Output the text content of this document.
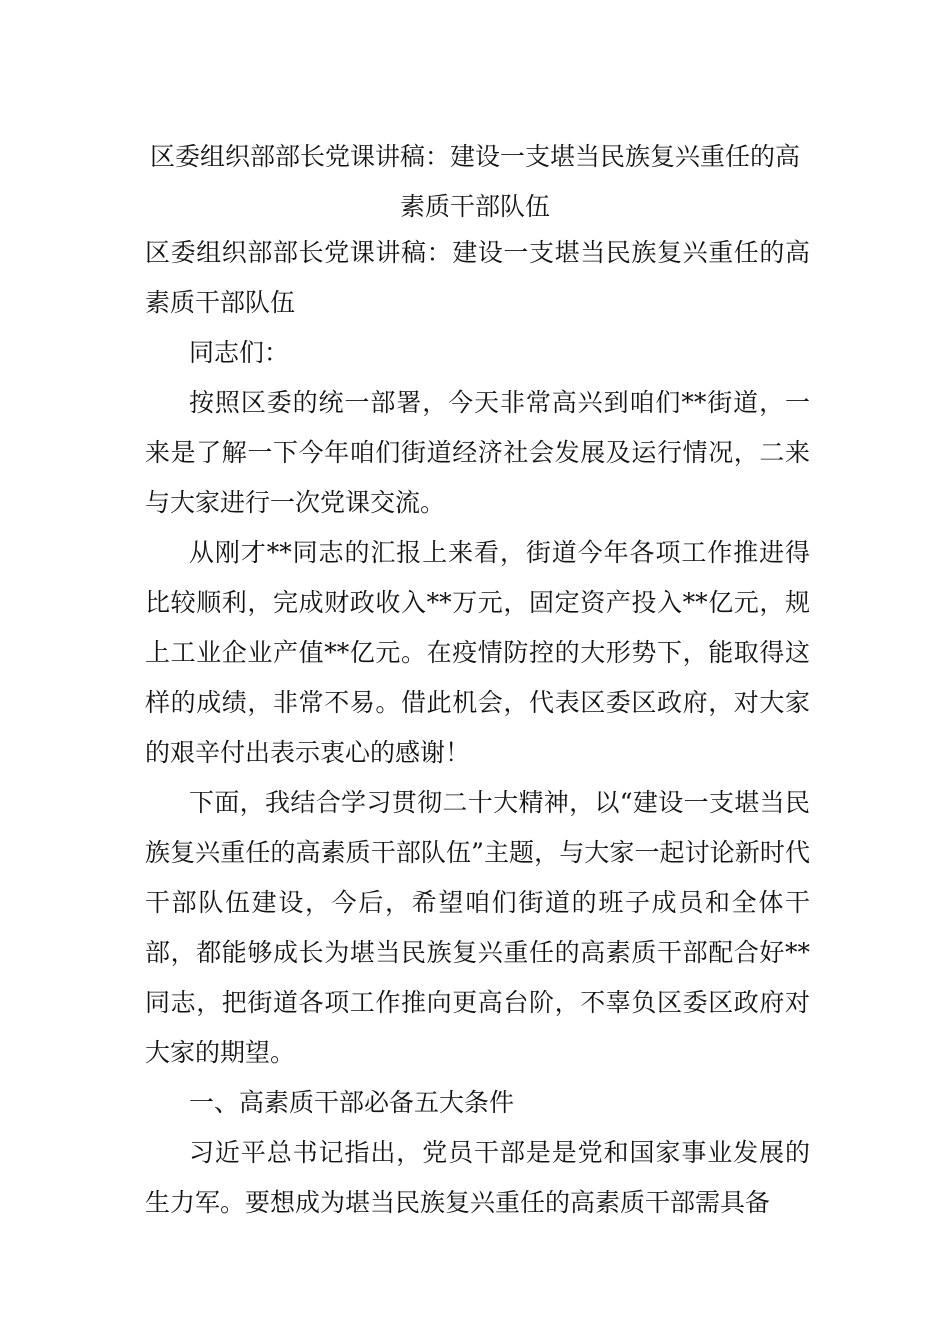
区委组织部部长党课讲稿：建设一支堪当民族复兴重任的高素质干部队伍

区委组织部部长党课讲稿：建设一支堪当民族复兴重任的高素质干部队伍

同志们：

按照区委的统一部署，今天非常高兴到咱们**街道，一来是了解一下今年咱们街道经济社会发展及运行情况，二来与大家进行一次党课交流。

从刚才**同志的汇报上来看，街道今年各项工作推进得比较顺利，完成财政收入**万元，固定资产投入**亿元，规上工业企业产值**亿元。在疫情防控的大形势下，能取得这样的成绩，非常不易。借此机会，代表区委区政府，对大家的艰辛付出表示衷心的感谢！

下面，我结合学习贯彻二十大精神，以“建设一支堪当民族复兴重任的高素质干部队伍”主题，与大家一起讨论新时代干部队伍建设，今后，希望咱们街道的班子成员和全体干部，都能够成长为堪当民族复兴重任的高素质干部配合好**同志，把街道各项工作推向更高台阶，不辜负区委区政府对大家的期望。

一、高素质干部必备五大条件

习近平总书记指出，党员干部是是党和国家事业发展的生力军。要想成为堪当民族复兴重任的高素质干部需具备
